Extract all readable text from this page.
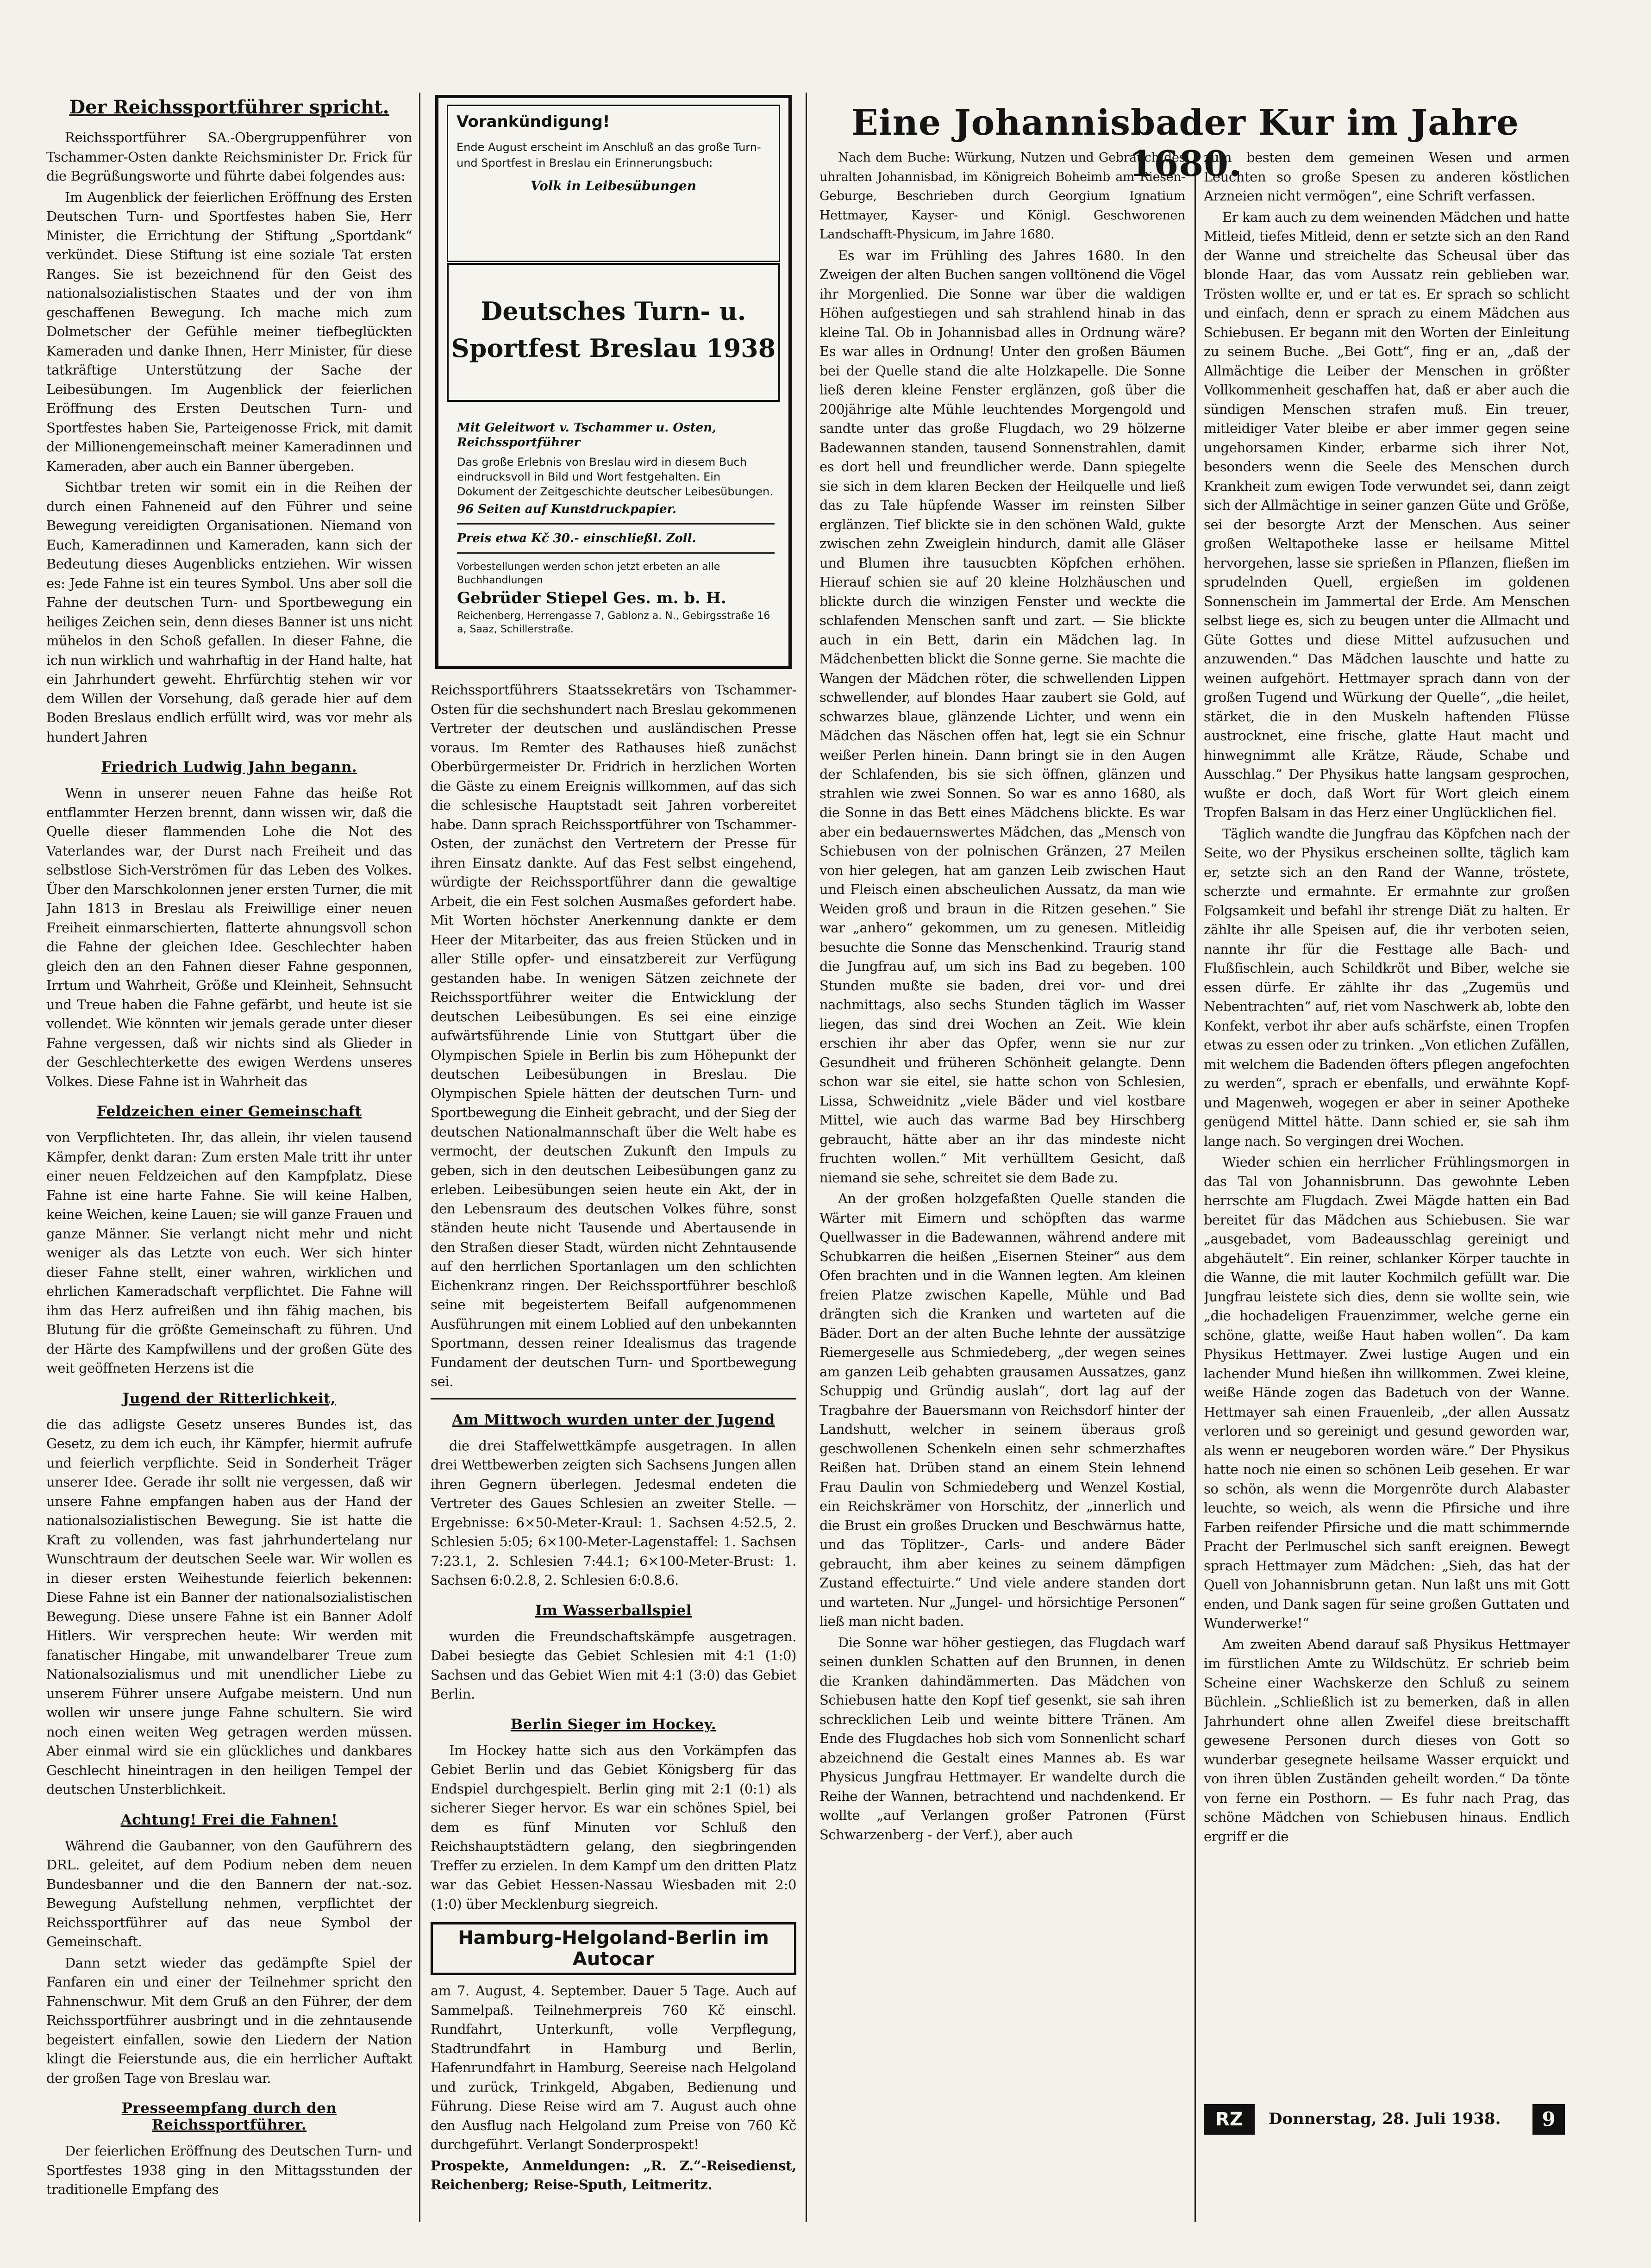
Der Reichssportführer spricht.

Reichssportführer SA.-Obergruppenführer von Tschammer-Osten dankte Reichsminister Dr. Frick für die Begrüßungsworte und führte dabei folgendes aus:

Im Augenblick der feierlichen Eröffnung des Ersten Deutschen Turn- und Sportfestes haben Sie, Herr Minister, die Errichtung der Stiftung „Sportdank“ verkündet. Diese Stiftung ist eine soziale Tat ersten Ranges. Sie ist bezeichnend für den Geist des nationalsozialistischen Staates und der von ihm geschaffenen Bewegung. Ich mache mich zum Dolmetscher der Gefühle meiner tiefbeglückten Kameraden und danke Ihnen, Herr Minister, für diese tatkräftige Unterstützung der Sache der Leibesübungen. Im Augenblick der feierlichen Eröffnung des Ersten Deutschen Turn- und Sportfestes haben Sie, Parteigenosse Frick, mit damit der Millionengemeinschaft meiner Kameradinnen und Kameraden, aber auch ein Banner übergeben.

Sichtbar treten wir somit ein in die Reihen der durch einen Fahneneid auf den Führer und seine Bewegung vereidigten Organisationen. Niemand von Euch, Kameradinnen und Kameraden, kann sich der Bedeutung dieses Augenblicks entziehen. Wir wissen es: Jede Fahne ist ein teures Symbol. Uns aber soll die Fahne der deutschen Turn- und Sportbewegung ein heiliges Zeichen sein, denn dieses Banner ist uns nicht mühelos in den Schoß gefallen. In dieser Fahne, die ich nun wirklich und wahrhaftig in der Hand halte, hat ein Jahrhundert geweht. Ehrfürchtig stehen wir vor dem Willen der Vorsehung, daß gerade hier auf dem Boden Breslaus endlich erfüllt wird, was vor mehr als hundert Jahren

Friedrich Ludwig Jahn begann.

Wenn in unserer neuen Fahne das heiße Rot entflammter Herzen brennt, dann wissen wir, daß die Quelle dieser flammenden Lohe die Not des Vaterlandes war, der Durst nach Freiheit und das selbstlose Sich-Verströmen für das Leben des Volkes. Über den Marschkolonnen jener ersten Turner, die mit Jahn 1813 in Breslau als Freiwillige einer neuen Freiheit einmarschierten, flatterte ahnungsvoll schon die Fahne der gleichen Idee. Geschlechter haben gleich den an den Fahnen dieser Fahne gesponnen, Irrtum und Wahrheit, Größe und Kleinheit, Sehnsucht und Treue haben die Fahne gefärbt, und heute ist sie vollendet. Wie könnten wir jemals gerade unter dieser Fahne vergessen, daß wir nichts sind als Glieder in der Geschlechterkette des ewigen Werdens unseres Volkes. Diese Fahne ist in Wahrheit das

Feldzeichen einer Gemeinschaft

von Verpflichteten. Ihr, das allein, ihr vielen tausend Kämpfer, denkt daran: Zum ersten Male tritt ihr unter einer neuen Feldzeichen auf den Kampfplatz. Diese Fahne ist eine harte Fahne. Sie will keine Halben, keine Weichen, keine Lauen; sie will ganze Frauen und ganze Männer. Sie verlangt nicht mehr und nicht weniger als das Letzte von euch. Wer sich hinter dieser Fahne stellt, einer wahren, wirklichen und ehrlichen Kameradschaft verpflichtet. Die Fahne will ihm das Herz aufreißen und ihn fähig machen, bis Blutung für die größte Gemeinschaft zu führen. Und der Härte des Kampfwillens und der großen Güte des weit geöffneten Herzens ist die

Jugend der Ritterlichkeit,

die das adligste Gesetz unseres Bundes ist, das Gesetz, zu dem ich euch, ihr Kämpfer, hiermit aufrufe und feierlich verpflichte. Seid in Sonderheit Träger unserer Idee. Gerade ihr sollt nie vergessen, daß wir unsere Fahne empfangen haben aus der Hand der nationalsozialistischen Bewegung. Sie ist hatte die Kraft zu vollenden, was fast jahrhundertelang nur Wunschtraum der deutschen Seele war. Wir wollen es in dieser ersten Weihestunde feierlich bekennen: Diese Fahne ist ein Banner der nationalsozialistischen Bewegung. Diese unsere Fahne ist ein Banner Adolf Hitlers. Wir versprechen heute: Wir werden mit fanatischer Hingabe, mit unwandelbarer Treue zum Nationalsozialismus und mit unendlicher Liebe zu unserem Führer unsere Aufgabe meistern. Und nun wollen wir unsere junge Fahne schultern. Sie wird noch einen weiten Weg getragen werden müssen. Aber einmal wird sie ein glückliches und dankbares Geschlecht hineintragen in den heiligen Tempel der deutschen Unsterblichkeit.

Achtung! Frei die Fahnen!

Während die Gaubanner, von den Gauführern des DRL. geleitet, auf dem Podium neben dem neuen Bundesbanner und die den Bannern der nat.-soz. Bewegung Aufstellung nehmen, verpflichtet der Reichssportführer auf das neue Symbol der Gemeinschaft.

Dann setzt wieder das gedämpfte Spiel der Fanfaren ein und einer der Teilnehmer spricht den Fahnenschwur. Mit dem Gruß an den Führer, der dem Reichssportführer ausbringt und in die zehntausende begeistert einfallen, sowie den Liedern der Nation klingt die Feierstunde aus, die ein herrlicher Auftakt der großen Tage von Breslau war.

Presseempfang durch den Reichssportführer.

Der feierlichen Eröffnung des Deutschen Turn- und Sportfestes 1938 ging in den Mittagsstunden der traditionelle Empfang des

Vorankündigung!
Ende August erscheint im Anschluß an das große Turn- und Sportfest in Breslau ein Erinnerungsbuch:
Volk in Leibesübungen
Deutsches Turn- u. Sportfest Breslau 1938
Mit Geleitwort v. Tschammer u. Osten, Reichssportführer
Das große Erlebnis von Breslau wird in diesem Buch eindrucksvoll in Bild und Wort festgehalten. Ein Dokument der Zeitgeschichte deutscher Leibesübungen.
96 Seiten auf Kunstdruckpapier.
Preis etwa Kč 30.- einschließl. Zoll.
Vorbestellungen werden schon jetzt erbeten an alle Buchhandlungen
Gebrüder Stiepel Ges. m. b. H.
Reichenberg, Herrengasse 7, Gablonz a. N., Gebirgsstraße 16 a, Saaz, Schillerstraße.

Reichssportführers Staatssekretärs von Tschammer-Osten für die sechshundert nach Breslau gekommenen Vertreter der deutschen und ausländischen Presse voraus. Im Remter des Rathauses hieß zunächst Oberbürgermeister Dr. Fridrich in herzlichen Worten die Gäste zu einem Ereignis willkommen, auf das sich die schlesische Hauptstadt seit Jahren vorbereitet habe. Dann sprach Reichssportführer von Tschammer-Osten, der zunächst den Vertretern der Presse für ihren Einsatz dankte. Auf das Fest selbst eingehend, würdigte der Reichssportführer dann die gewaltige Arbeit, die ein Fest solchen Ausmaßes gefordert habe. Mit Worten höchster Anerkennung dankte er dem Heer der Mitarbeiter, das aus freien Stücken und in aller Stille opfer- und einsatzbereit zur Verfügung gestanden habe. In wenigen Sätzen zeichnete der Reichssportführer weiter die Entwicklung der deutschen Leibesübungen. Es sei eine einzige aufwärtsführende Linie von Stuttgart über die Olympischen Spiele in Berlin bis zum Höhepunkt der deutschen Leibesübungen in Breslau. Die Olympischen Spiele hätten der deutschen Turn- und Sportbewegung die Einheit gebracht, und der Sieg der deutschen Nationalmannschaft über die Welt habe es vermocht, der deutschen Zukunft den Impuls zu geben, sich in den deutschen Leibesübungen ganz zu erleben. Leibesübungen seien heute ein Akt, der in den Lebensraum des deutschen Volkes führe, sonst ständen heute nicht Tausende und Abertausende in den Straßen dieser Stadt, würden nicht Zehntausende auf den herrlichen Sportanlagen um den schlichten Eichenkranz ringen. Der Reichssportführer beschloß seine mit begeistertem Beifall aufgenommenen Ausführungen mit einem Loblied auf den unbekannten Sportmann, dessen reiner Idealismus das tragende Fundament der deutschen Turn- und Sportbewegung sei.

Am Mittwoch wurden unter der Jugend

die drei Staffelwettkämpfe ausgetragen. In allen drei Wettbewerben zeigten sich Sachsens Jungen allen ihren Gegnern überlegen. Jedesmal endeten die Vertreter des Gaues Schlesien an zweiter Stelle. — Ergebnisse: 6×50-Meter-Kraul: 1. Sachsen 4:52.5, 2. Schlesien 5:05; 6×100-Meter-Lagenstaffel: 1. Sachsen 7:23.1, 2. Schlesien 7:44.1; 6×100-Meter-Brust: 1. Sachsen 6:0.2.8, 2. Schlesien 6:0.8.6.

Im Wasserballspiel

wurden die Freundschaftskämpfe ausgetragen. Dabei besiegte das Gebiet Schlesien mit 4:1 (1:0) Sachsen und das Gebiet Wien mit 4:1 (3:0) das Gebiet Berlin.

Berlin Sieger im Hockey.

Im Hockey hatte sich aus den Vorkämpfen das Gebiet Berlin und das Gebiet Königsberg für das Endspiel durchgespielt. Berlin ging mit 2:1 (0:1) als sicherer Sieger hervor. Es war ein schönes Spiel, bei dem es fünf Minuten vor Schluß den Reichshauptstädtern gelang, den siegbringenden Treffer zu erzielen. In dem Kampf um den dritten Platz war das Gebiet Hessen-Nassau Wiesbaden mit 2:0 (1:0) über Mecklenburg siegreich.

Hamburg-Helgoland-Berlin im Autocar

am 7. August, 4. September. Dauer 5 Tage. Auch auf Sammelpaß. Teilnehmerpreis 760 Kč einschl. Rundfahrt, Unterkunft, volle Verpflegung, Stadtrundfahrt in Hamburg und Berlin, Hafenrundfahrt in Hamburg, Seereise nach Helgoland und zurück, Trinkgeld, Abgaben, Bedienung und Führung. Diese Reise wird am 7. August auch ohne den Ausflug nach Helgoland zum Preise von 760 Kč durchgeführt. Verlangt Sonderprospekt!

Prospekte, Anmeldungen: „R. Z.“-Reisedienst, Reichenberg; Reise-Sputh, Leitmeritz.

Eine Johannisbader Kur im Jahre 1680.

Nach dem Buche: Würkung, Nutzen und Gebrauch des uhralten Johannisbad, im Königreich Boheimb am Riesen-Geburge, Beschrieben durch Georgium Ignatium Hettmayer, Kayser- und Königl. Geschworenen Landschafft-Physicum, im Jahre 1680.

Es war im Frühling des Jahres 1680. In den Zweigen der alten Buchen sangen volltönend die Vögel ihr Morgenlied. Die Sonne war über die waldigen Höhen aufgestiegen und sah strahlend hinab in das kleine Tal. Ob in Johannisbad alles in Ordnung wäre? Es war alles in Ordnung! Unter den großen Bäumen bei der Quelle stand die alte Holzkapelle. Die Sonne ließ deren kleine Fenster erglänzen, goß über die 200jährige alte Mühle leuchtendes Morgengold und sandte unter das große Flugdach, wo 29 hölzerne Badewannen standen, tausend Sonnenstrahlen, damit es dort hell und freundlicher werde. Dann spiegelte sie sich in dem klaren Becken der Heilquelle und ließ das zu Tale hüpfende Wasser im reinsten Silber erglänzen. Tief blickte sie in den schönen Wald, gukte zwischen zehn Zweiglein hindurch, damit alle Gläser und Blumen ihre tausucbten Köpfchen erhöhen. Hierauf schien sie auf 20 kleine Holzhäuschen und blickte durch die winzigen Fenster und weckte die schlafenden Menschen sanft und zart. — Sie blickte auch in ein Bett, darin ein Mädchen lag. In Mädchenbetten blickt die Sonne gerne. Sie machte die Wangen der Mädchen röter, die schwellenden Lippen schwellender, auf blondes Haar zaubert sie Gold, auf schwarzes blaue, glänzende Lichter, und wenn ein Mädchen das Näschen offen hat, legt sie ein Schnur weißer Perlen hinein. Dann bringt sie in den Augen der Schlafenden, bis sie sich öffnen, glänzen und strahlen wie zwei Sonnen. So war es anno 1680, als die Sonne in das Bett eines Mädchens blickte. Es war aber ein bedauernswertes Mädchen, das „Mensch von Schiebusen von der polnischen Gränzen, 27 Meilen von hier gelegen, hat am ganzen Leib zwischen Haut und Fleisch einen abscheulichen Aussatz, da man wie Weiden groß und braun in die Ritzen gesehen.“ Sie war „anhero“ gekommen, um zu genesen. Mitleidig besuchte die Sonne das Menschenkind. Traurig stand die Jungfrau auf, um sich ins Bad zu begeben. 100 Stunden mußte sie baden, drei vor- und drei nachmittags, also sechs Stunden täglich im Wasser liegen, das sind drei Wochen an Zeit. Wie klein erschien ihr aber das Opfer, wenn sie nur zur Gesundheit und früheren Schönheit gelangte. Denn schon war sie eitel, sie hatte schon von Schlesien, Lissa, Schweidnitz „viele Bäder und viel kostbare Mittel, wie auch das warme Bad bey Hirschberg gebraucht, hätte aber an ihr das mindeste nicht fruchten wollen.“ Mit verhülltem Gesicht, daß niemand sie sehe, schreitet sie dem Bade zu.

An der großen holzgefaßten Quelle standen die Wärter mit Eimern und schöpften das warme Quellwasser in die Badewannen, während andere mit Schubkarren die heißen „Eisernen Steiner“ aus dem Ofen brachten und in die Wannen legten. Am kleinen freien Platze zwischen Kapelle, Mühle und Bad drängten sich die Kranken und warteten auf die Bäder. Dort an der alten Buche lehnte der aussätzige Riemergeselle aus Schmiedeberg, „der wegen seines am ganzen Leib gehabten grausamen Aussatzes, ganz Schuppig und Gründig auslah“, dort lag auf der Tragbahre der Bauersmann von Reichsdorf hinter der Landshutt, welcher in seinem überaus groß geschwollenen Schenkeln einen sehr schmerzhaftes Reißen hat. Drüben stand an einem Stein lehnend Frau Daulin von Schmiedeberg und Wenzel Kostial, ein Reichskrämer von Horschitz, der „innerlich und die Brust ein großes Drucken und Beschwärnus hatte, und das Töplitzer-, Carls- und andere Bäder gebraucht, ihm aber keines zu seinem dämpfigen Zustand effectuirte.“ Und viele andere standen dort und warteten. Nur „Jungel- und hörsichtige Personen“ ließ man nicht baden.

Die Sonne war höher gestiegen, das Flugdach warf seinen dunklen Schatten auf den Brunnen, in denen die Kranken dahindämmerten. Das Mädchen von Schiebusen hatte den Kopf tief gesenkt, sie sah ihren schrecklichen Leib und weinte bittere Tränen. Am Ende des Flugdaches hob sich vom Sonnenlicht scharf abzeichnend die Gestalt eines Mannes ab. Es war Physicus Jungfrau Hettmayer. Er wandelte durch die Reihe der Wannen, betrachtend und nachdenkend. Er wollte „auf Verlangen großer Patronen (Fürst Schwarzenberg - der Verf.), aber auch

zum besten dem gemeinen Wesen und armen Leuchten so große Spesen zu anderen köstlichen Arzneien nicht vermögen“, eine Schrift verfassen.

Er kam auch zu dem weinenden Mädchen und hatte Mitleid, tiefes Mitleid, denn er setzte sich an den Rand der Wanne und streichelte das Scheusal über das blonde Haar, das vom Aussatz rein geblieben war. Trösten wollte er, und er tat es. Er sprach so schlicht und einfach, denn er sprach zu einem Mädchen aus Schiebusen. Er begann mit den Worten der Einleitung zu seinem Buche. „Bei Gott“, fing er an, „daß der Allmächtige die Leiber der Menschen in größter Vollkommenheit geschaffen hat, daß er aber auch die sündigen Menschen strafen muß. Ein treuer, mitleidiger Vater bleibe er aber immer gegen seine ungehorsamen Kinder, erbarme sich ihrer Not, besonders wenn die Seele des Menschen durch Krankheit zum ewigen Tode verwundet sei, dann zeigt sich der Allmächtige in seiner ganzen Güte und Größe, sei der besorgte Arzt der Menschen. Aus seiner großen Weltapotheke lasse er heilsame Mittel hervorgehen, lasse sie sprießen in Pflanzen, fließen im sprudelnden Quell, ergießen im goldenen Sonnenschein im Jammertal der Erde. Am Menschen selbst liege es, sich zu beugen unter die Allmacht und Güte Gottes und diese Mittel aufzusuchen und anzuwenden.“ Das Mädchen lauschte und hatte zu weinen aufgehört. Hettmayer sprach dann von der großen Tugend und Würkung der Quelle“, „die heilet, stärket, die in den Muskeln haftenden Flüsse austrocknet, eine frische, glatte Haut macht und hinwegnimmt alle Krätze, Räude, Schabe und Ausschlag.“ Der Physikus hatte langsam gesprochen, wußte er doch, daß Wort für Wort gleich einem Tropfen Balsam in das Herz einer Unglücklichen fiel.

Täglich wandte die Jungfrau das Köpfchen nach der Seite, wo der Physikus erscheinen sollte, täglich kam er, setzte sich an den Rand der Wanne, tröstete, scherzte und ermahnte. Er ermahnte zur großen Folgsamkeit und befahl ihr strenge Diät zu halten. Er zählte ihr alle Speisen auf, die ihr verboten seien, nannte ihr für die Festtage alle Bach- und Flußfischlein, auch Schildkröt und Biber, welche sie essen dürfe. Er zählte ihr das „Zugemüs und Nebentrachten“ auf, riet vom Naschwerk ab, lobte den Konfekt, verbot ihr aber aufs schärfste, einen Tropfen etwas zu essen oder zu trinken. „Von etlichen Zufällen, mit welchem die Badenden öfters pflegen angefochten zu werden“, sprach er ebenfalls, und erwähnte Kopf- und Magenweh, wogegen er aber in seiner Apotheke genügend Mittel hätte. Dann schied er, sie sah ihm lange nach. So vergingen drei Wochen.

Wieder schien ein herrlicher Frühlingsmorgen in das Tal von Johannisbrunn. Das gewohnte Leben herrschte am Flugdach. Zwei Mägde hatten ein Bad bereitet für das Mädchen aus Schiebusen. Sie war „ausgebadet, vom Badeausschlag gereinigt und abgehäutelt“. Ein reiner, schlanker Körper tauchte in die Wanne, die mit lauter Kochmilch gefüllt war. Die Jungfrau leistete sich dies, denn sie wollte sein, wie „die hochadeligen Frauenzimmer, welche gerne ein schöne, glatte, weiße Haut haben wollen“. Da kam Physikus Hettmayer. Zwei lustige Augen und ein lachender Mund hießen ihn willkommen. Zwei kleine, weiße Hände zogen das Badetuch von der Wanne. Hettmayer sah einen Frauenleib, „der allen Aussatz verloren und so gereinigt und gesund geworden war, als wenn er neugeboren worden wäre.“ Der Physikus hatte noch nie einen so schönen Leib gesehen. Er war so schön, als wenn die Morgenröte durch Alabaster leuchte, so weich, als wenn die Pfirsiche und ihre Farben reifender Pfirsiche und die matt schimmernde Pracht der Perlmuschel sich sanft ereignen. Bewegt sprach Hettmayer zum Mädchen: „Sieh, das hat der Quell von Johannisbrunn getan. Nun laßt uns mit Gott enden, und Dank sagen für seine großen Guttaten und Wunderwerke!“

Am zweiten Abend darauf saß Physikus Hettmayer im fürstlichen Amte zu Wildschütz. Er schrieb beim Scheine einer Wachskerze den Schluß zu seinem Büchlein. „Schließlich ist zu bemerken, daß in allen Jahrhundert ohne allen Zweifel diese breitschafft gewesene Personen durch dieses von Gott so wunderbar gesegnete heilsame Wasser erquickt und von ihren üblen Zuständen geheilt worden.“ Da tönte von ferne ein Posthorn. — Es fuhr nach Prag, das schöne Mädchen von Schiebusen hinaus. Endlich ergriff er die

RZ	Donnerstag, 28. Juli 1938.	9
